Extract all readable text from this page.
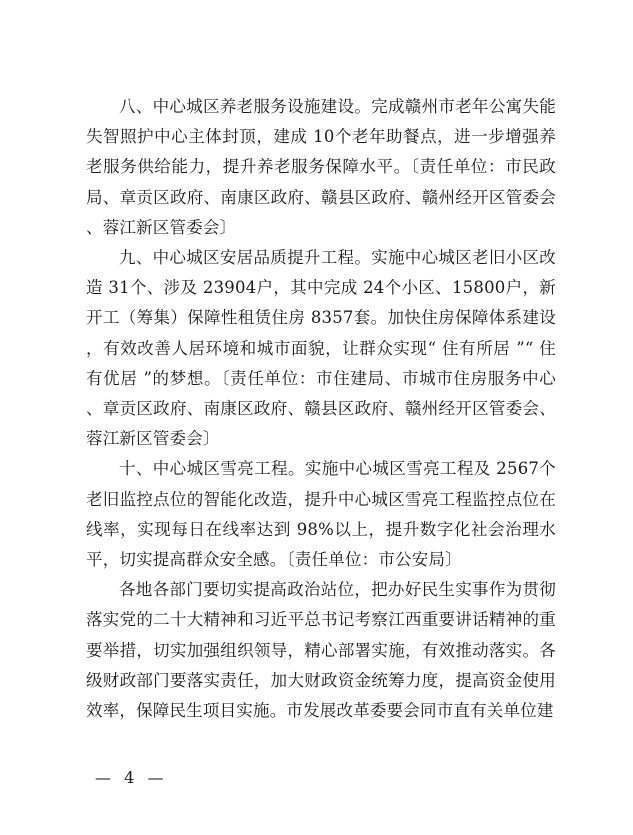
八、中心城区养老服务设施建设。完成赣州市老年公寓失能失智照护中心主体封顶，建成 10个老年助餐点，进一步增强养老服务供给能力，提升养老服务保障水平。〔责任单位：市民政局、章贡区政府、南康区政府、赣县区政府、赣州经开区管委会、蓉江新区管委会〕

九、中心城区安居品质提升工程。实施中心城区老旧小区改造 31个、涉及 23904户，其中完成 24个小区、15800户，新开工（筹集）保障性租赁住房 8357套。加快住房保障体系建设，有效改善人居环境和城市面貌，让群众实现“ 住有所居 ”“ 住有优居 ”的梦想。〔责任单位：市住建局、市城市住房服务中心、章贡区政府、南康区政府、赣县区政府、赣州经开区管委会、蓉江新区管委会〕

十、中心城区雪亮工程。实施中心城区雪亮工程及 2567个老旧监控点位的智能化改造，提升中心城区雪亮工程监控点位在线率，实现每日在线率达到 98%以上，提升数字化社会治理水平，切实提高群众安全感。〔责任单位：市公安局〕

各地各部门要切实提高政治站位，把办好民生实事作为贯彻落实党的二十大精神和习近平总书记考察江西重要讲话精神的重要举措，切实加强组织领导，精心部署实施，有效推动落实。各级财政部门要落实责任，加大财政资金统筹力度，提高资金使用效率，保障民生项目实施。市发展改革委要会同市直有关单位建

—  4  —
